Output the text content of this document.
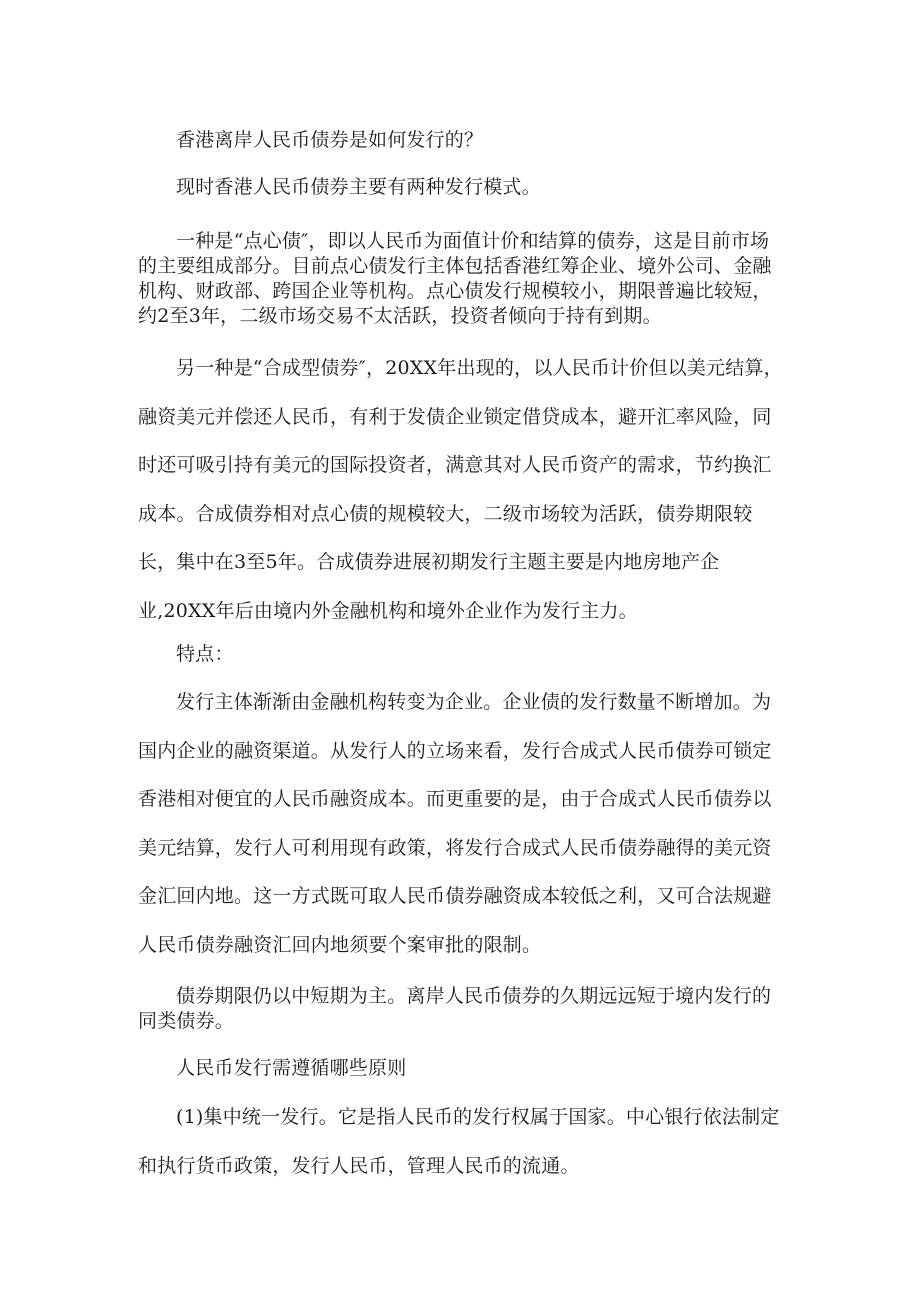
香港离岸人民币债券是如何发行的？

现时香港人民币债券主要有两种发行模式。

一种是“点心债″，即以人民币为面值计价和结算的债券，这是目前市场的主要组成部分。目前点心债发行主体包括香港红筹企业、境外公司、金融机构、财政部、跨国企业等机构。点心债发行规模较小，期限普遍比较短，约2至3年，二级市场交易不太活跃，投资者倾向于持有到期。

另一种是“合成型债券″，20XX年出现的，以人民币计价但以美元结算，融资美元并偿还人民币，有利于发债企业锁定借贷成本，避开汇率风险，同时还可吸引持有美元的国际投资者，满意其对人民币资产的需求，节约换汇成本。合成债券相对点心债的规模较大，二级市场较为活跃，债券期限较长，集中在3至5年。合成债券进展初期发行主题主要是内地房地产企业,20XX年后由境内外金融机构和境外企业作为发行主力。

特点：

发行主体渐渐由金融机构转变为企业。企业债的发行数量不断增加。为国内企业的融资渠道。从发行人的立场来看，发行合成式人民币债券可锁定香港相对便宜的人民币融资成本。而更重要的是，由于合成式人民币债券以美元结算，发行人可利用现有政策，将发行合成式人民币债券融得的美元资金汇回内地。这一方式既可取人民币债券融资成本较低之利，又可合法规避人民币债券融资汇回内地须要个案审批的限制。

债券期限仍以中短期为主。离岸人民币债券的久期远远短于境内发行的同类债券。

人民币发行需遵循哪些原则

(1)集中统一发行。它是指人民币的发行权属于国家。中心银行依法制定和执行货币政策，发行人民币，管理人民币的流通。
